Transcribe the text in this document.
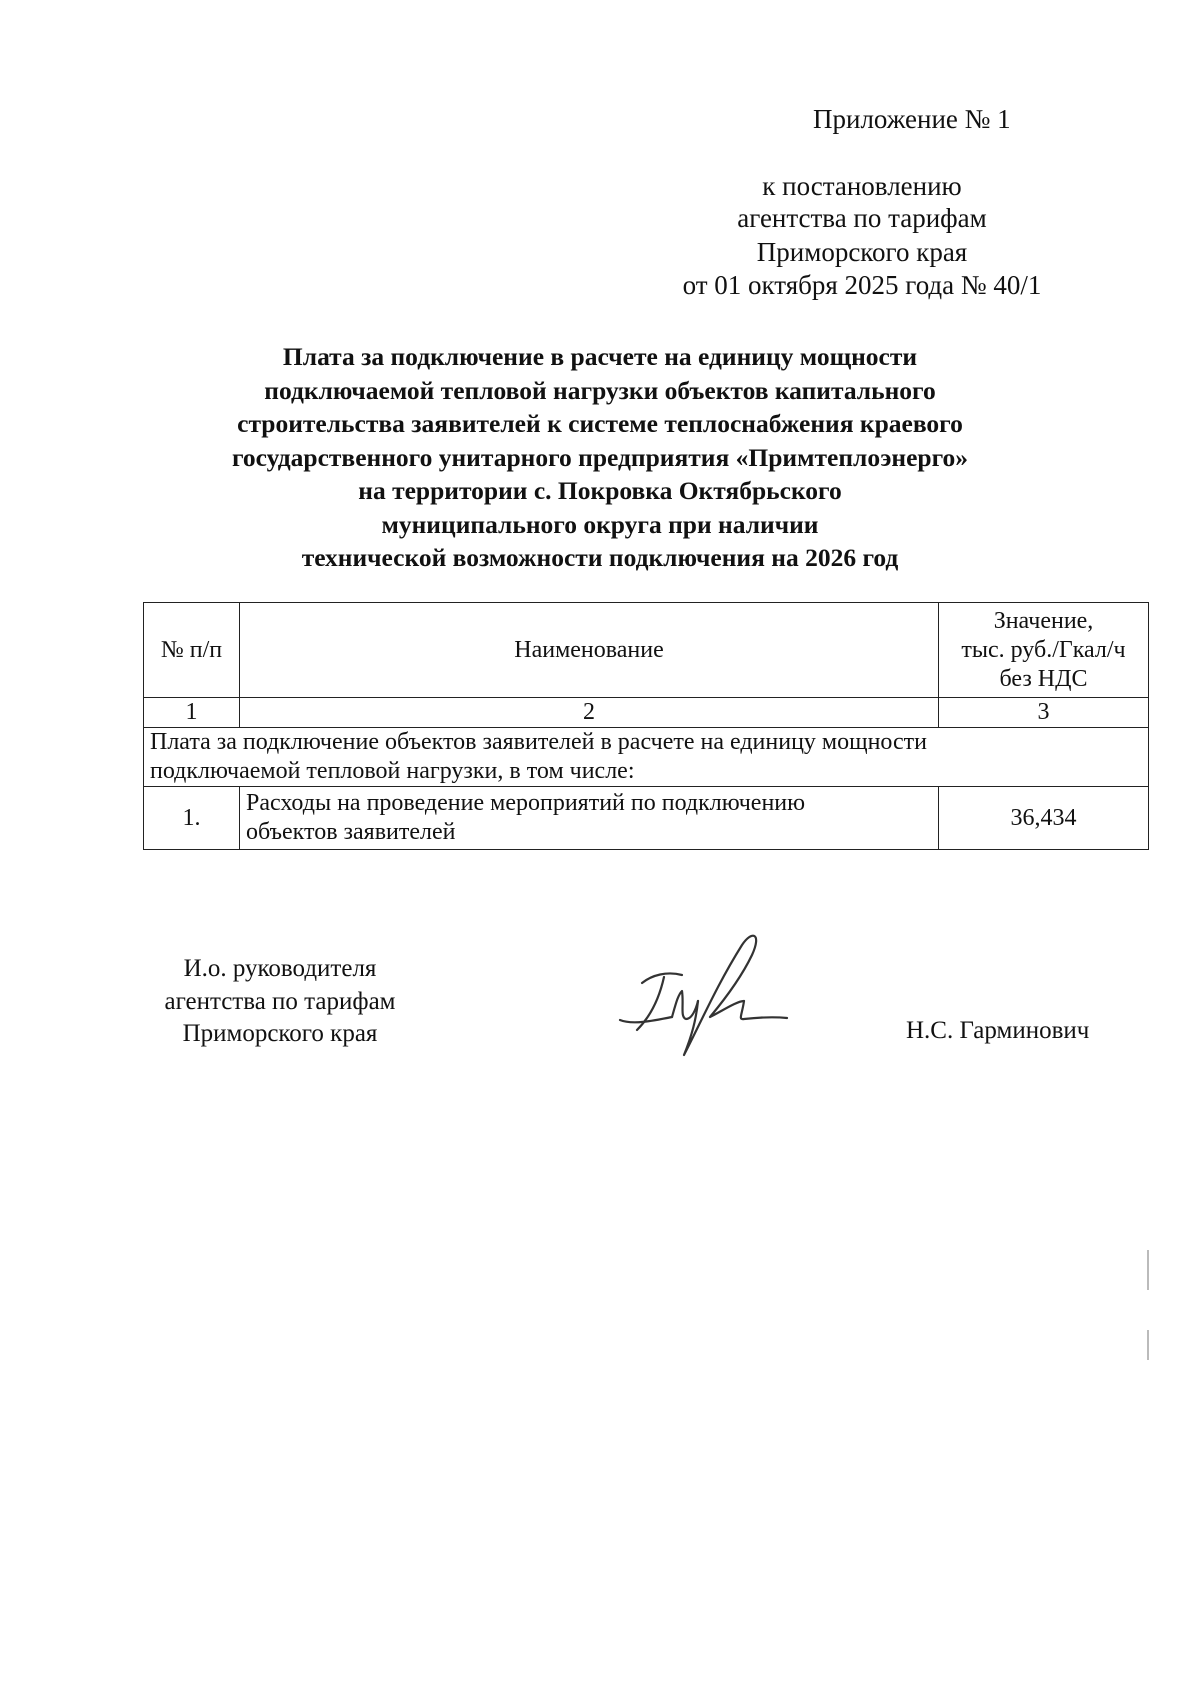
Приложение № 1
к постановлению
агентства по тарифам
Приморского края
от 01 октября 2025 года № 40/1
Плата за подключение в расчете на единицу мощности
подключаемой тепловой нагрузки объектов капитального
строительства заявителей к системе теплоснабжения краевого
государственного унитарного предприятия «Примтеплоэнерго»
на территории с. Покровка Октябрьского
муниципального округа при наличии
технической возможности подключения на 2026 год
№ п/п	Наименование	Значение,
тыс. руб./Гкал/ч
без НДС

1	2	3

Плата за подключение объектов заявителей в расчете на единицу мощности
подключаемой тепловой нагрузки, в том числе:		

1.	Расходы на проведение мероприятий по подключению
объектов заявителей	36,434
И.о. руководителя
агентства по тарифам
Приморского края	Н.С. Гарминович
